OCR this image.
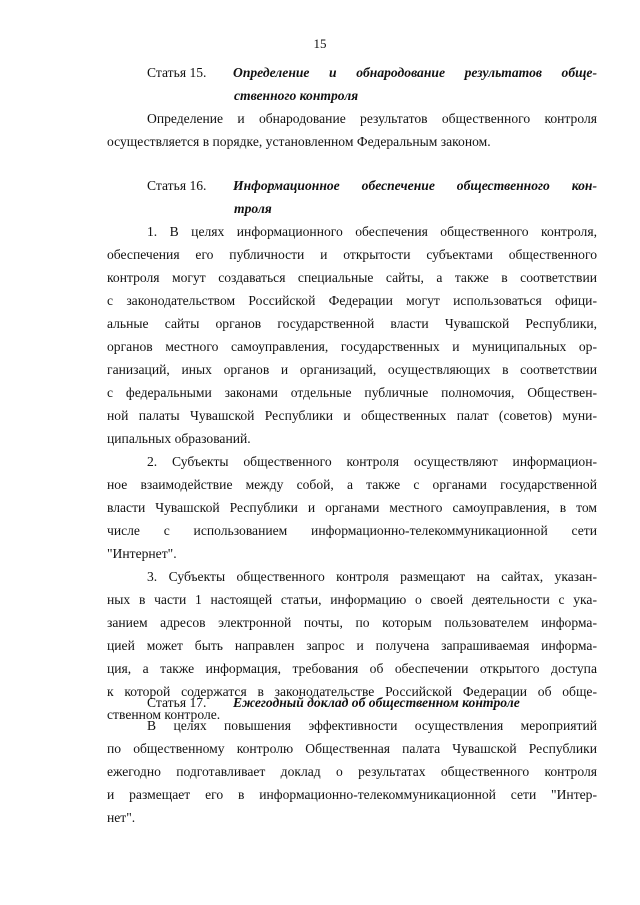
15
Статья 15.	Определение и обнародование результатов обще-
ственного контроля
Определение и обнародование результатов общественного контроля
осуществляется в порядке, установленном Федеральным законом.
Статья 16.	Информационное обеспечение общественного кон-
троля
1. В целях информационного обеспечения общественного контроля,
обеспечения его публичности и открытости субъектами общественного
контроля могут создаваться специальные сайты, а также в соответствии
с законодательством Российской Федерации могут использоваться офици-
альные сайты органов государственной власти Чувашской Республики,
органов местного самоуправления, государственных и муниципальных ор-
ганизаций, иных органов и организаций, осуществляющих в соответствии
с федеральными законами отдельные публичные полномочия, Обществен-
ной палаты Чувашской Республики и общественных палат (советов) муни-
ципальных образований.
2. Субъекты общественного контроля осуществляют информацион-
ное взаимодействие между собой, а также с органами государственной
власти Чувашской Республики и органами местного самоуправления, в том
числе с использованием информационно-телекоммуникационной сети
"Интернет".
3. Субъекты общественного контроля размещают на сайтах, указан-
ных в части 1 настоящей статьи, информацию о своей деятельности с ука-
занием адресов электронной почты, по которым пользователем информа-
цией может быть направлен запрос и получена запрашиваемая информа-
ция, а также информация, требования об обеспечении открытого доступа
к которой содержатся в законодательстве Российской Федерации об обще-
ственном контроле.
Статья 17.	Ежегодный доклад об общественном контроле
В целях повышения эффективности осуществления мероприятий
по общественному контролю Общественная палата Чувашской Республики
ежегодно подготавливает доклад о результатах общественного контроля
и размещает его в информационно-телекоммуникационной сети "Интер-
нет".
